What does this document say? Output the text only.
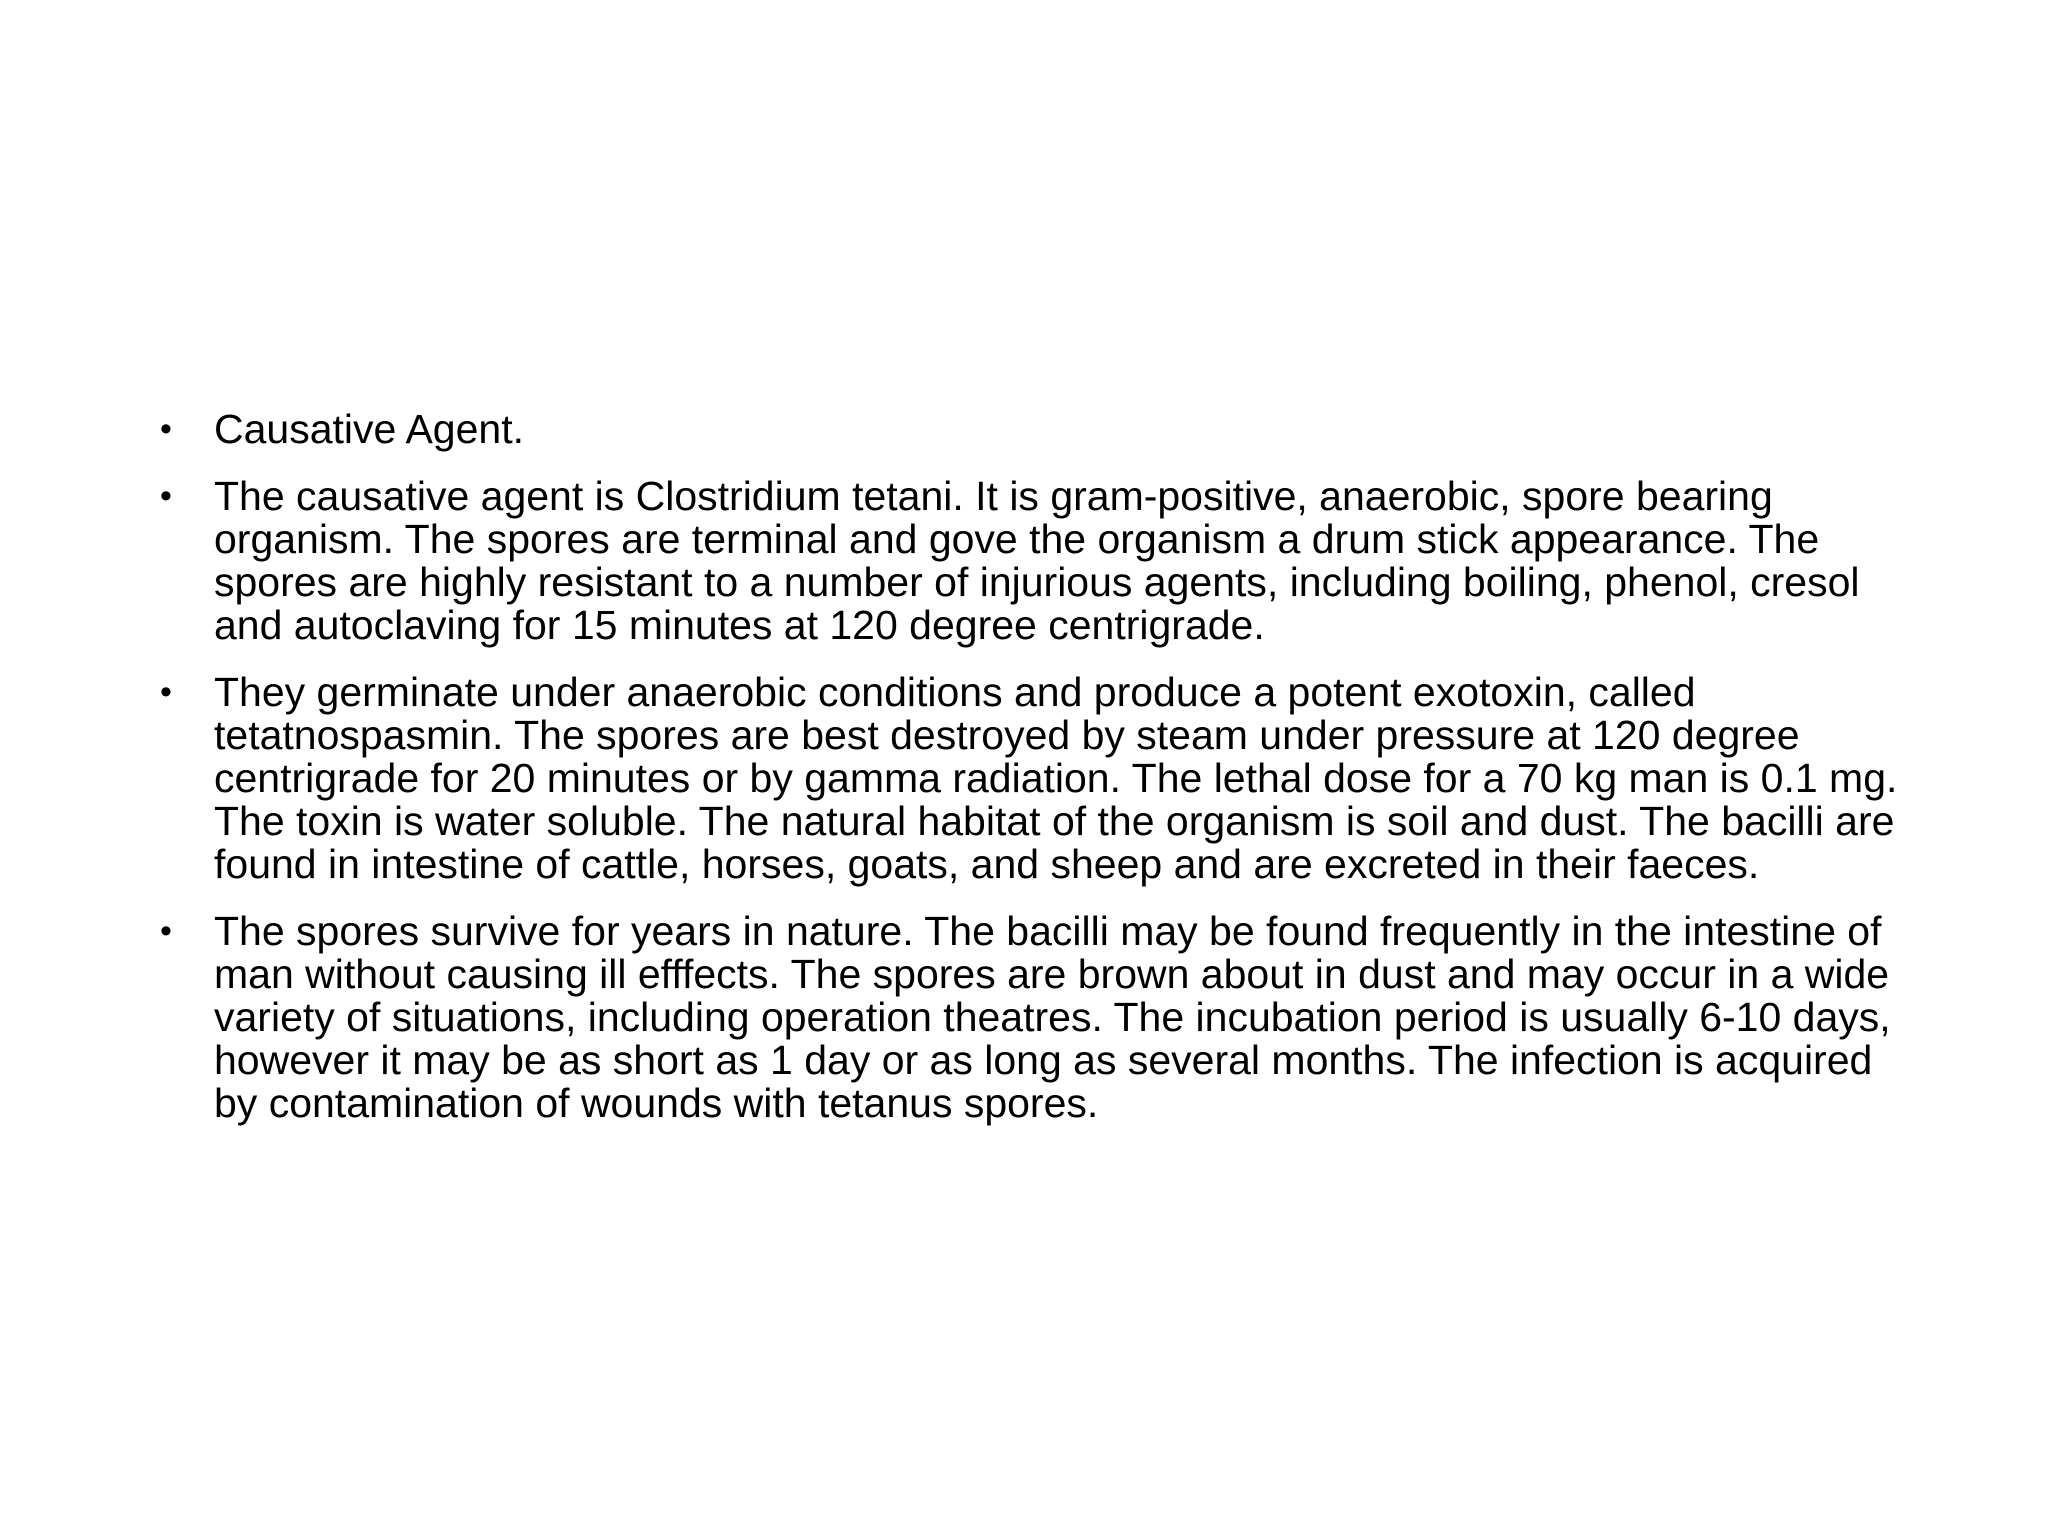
•	Causative Agent.
•	The causative agent is Clostridium tetani. It is gram-positive, anaerobic, spore bearing organism. The spores are terminal and gove the organism a drum stick appearance. The spores are highly resistant to a number of injurious agents, including boiling, phenol, cresol and autoclaving for 15 minutes at 120 degree centrigrade.
•	They germinate under anaerobic conditions and produce a potent exotoxin, called tetatnospasmin. The spores are best destroyed by steam under pressure at 120 degree centrigrade for 20 minutes or by gamma radiation. The lethal dose for a 70 kg man is 0.1 mg. The toxin is water soluble. The natural habitat of the organism is soil and dust. The bacilli are found in intestine of cattle, horses, goats, and sheep and are excreted in their faeces.
•	The spores survive for years in nature. The bacilli may be found frequently in the intestine of man without causing ill efffects. The spores are brown about in dust and may occur in a wide variety of situations, including operation theatres. The incubation period is usually 6-10 days, however it may be as short as 1 day or as long as several months. The infection is acquired by contamination of wounds with tetanus spores.
